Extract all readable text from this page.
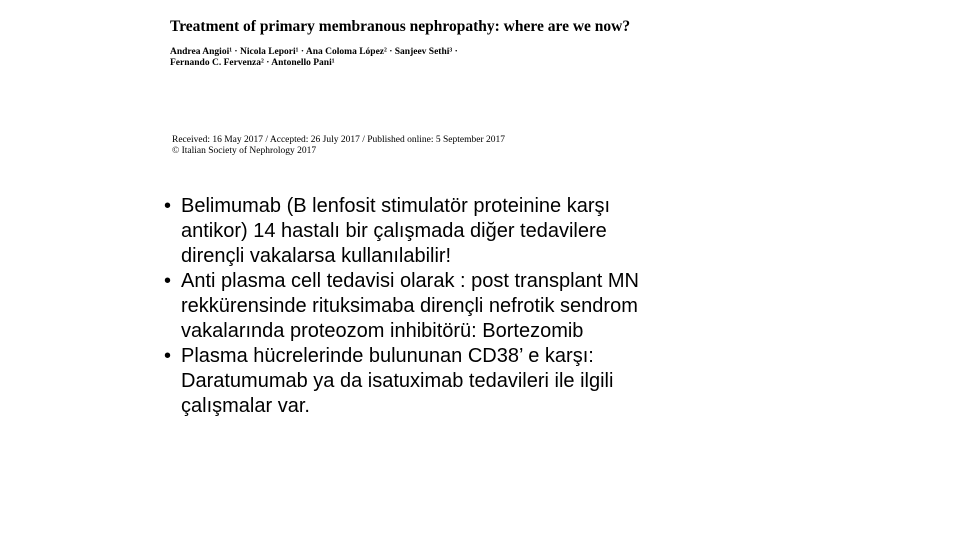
Treatment of primary membranous nephropathy: where are we now?
Andrea Angioi¹ · Nicola Lepori¹ · Ana Coloma López² · Sanjeev Sethi³ ·
Fernando C. Fervenza² · Antonello Pani¹
Received: 16 May 2017 / Accepted: 26 July 2017 / Published online: 5 September 2017
© Italian Society of Nephrology 2017
• Belimumab (B lenfosit stimulatör proteinine karşı
antikor) 14 hastalı bir çalışmada diğer tedavilere
dirençli vakalarsa kullanılabilir!
• Anti plasma cell tedavisi olarak : post transplant MN
rekkürensinde rituksimaba dirençli nefrotik sendrom
vakalarında proteozom inhibitörü: Bortezomib
• Plasma hücrelerinde bulununan CD38’ e karşı:
Daratumumab ya da isatuximab tedavileri ile ilgili
çalışmalar var.
